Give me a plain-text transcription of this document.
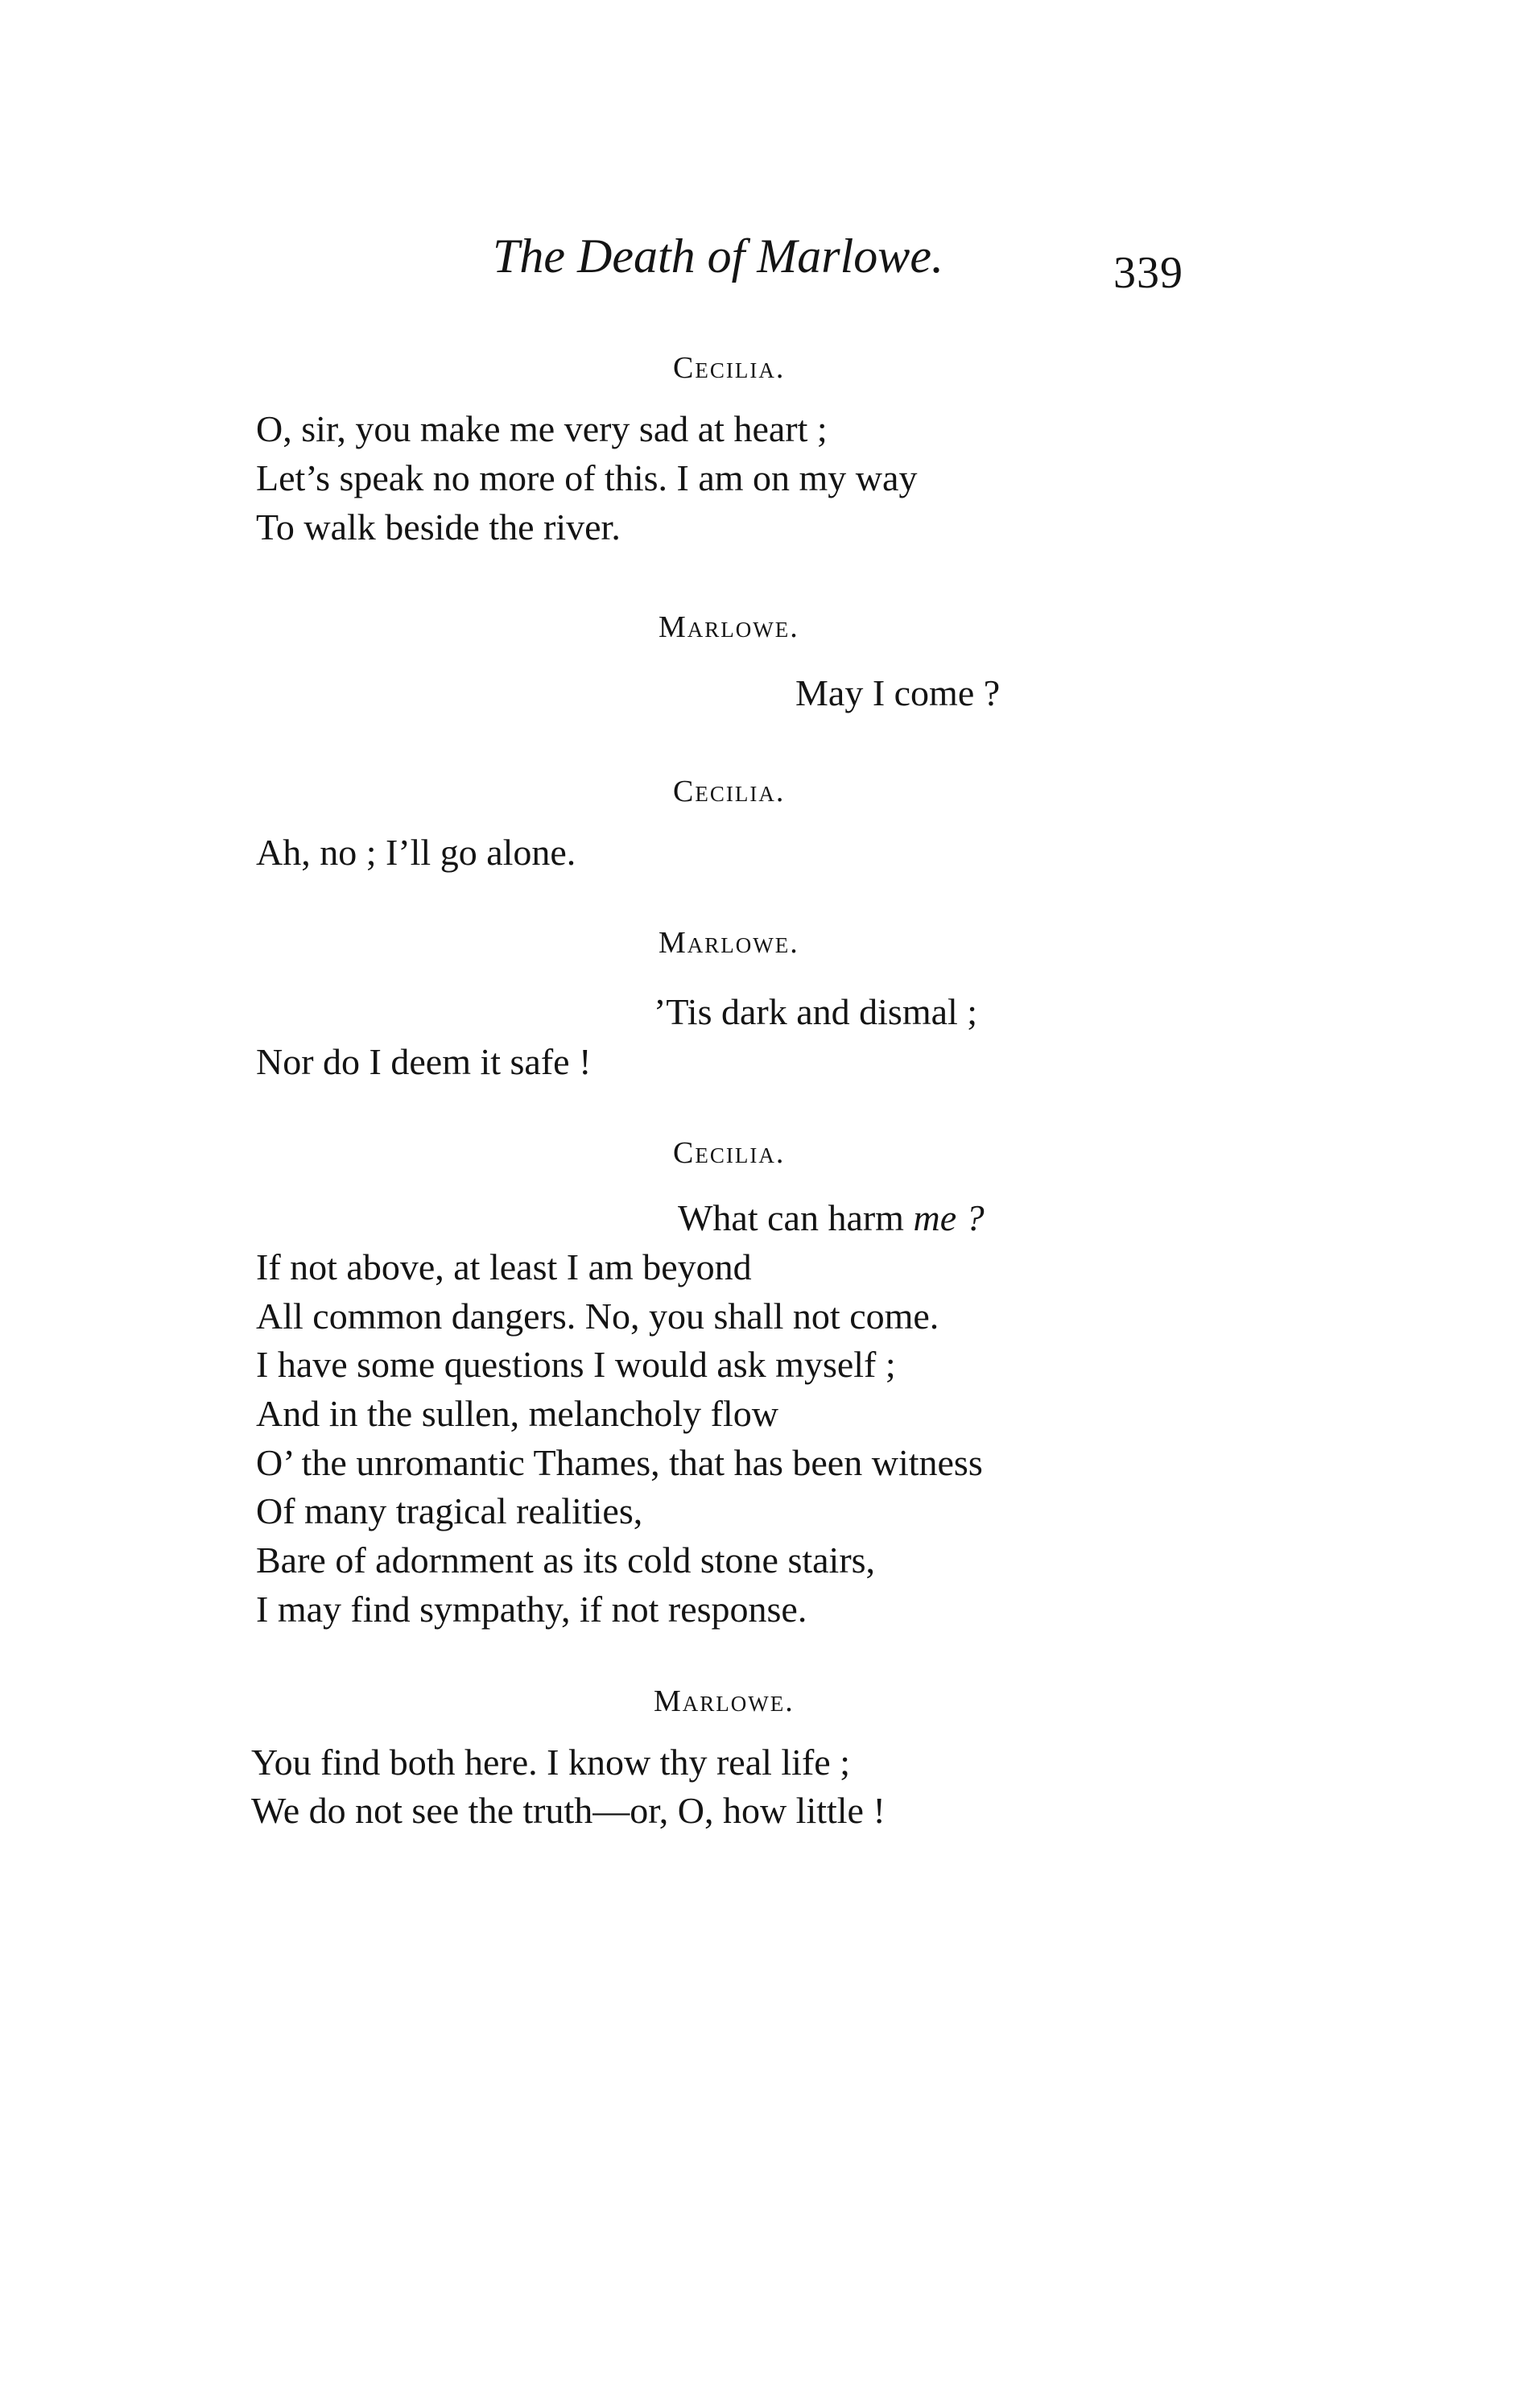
The Death of Marlowe.	339
Cecilia.
O, sir, you make me very sad at heart ;
Let’s speak no more of this. I am on my way
To walk beside the river.
Marlowe.
May I come ?
Cecilia.
Ah, no ; I’ll go alone.
Marlowe.
’Tis dark and dismal ;
Nor do I deem it safe !
Cecilia.
What can harm me ?
If not above, at least I am beyond
All common dangers. No, you shall not come.
I have some questions I would ask myself ;
And in the sullen, melancholy flow
O’ the unromantic Thames, that has been witness
Of many tragical realities,
Bare of adornment as its cold stone stairs,
I may find sympathy, if not response.
Marlowe.
You find both here. I know thy real life ;
We do not see the truth—or, O, how little !
